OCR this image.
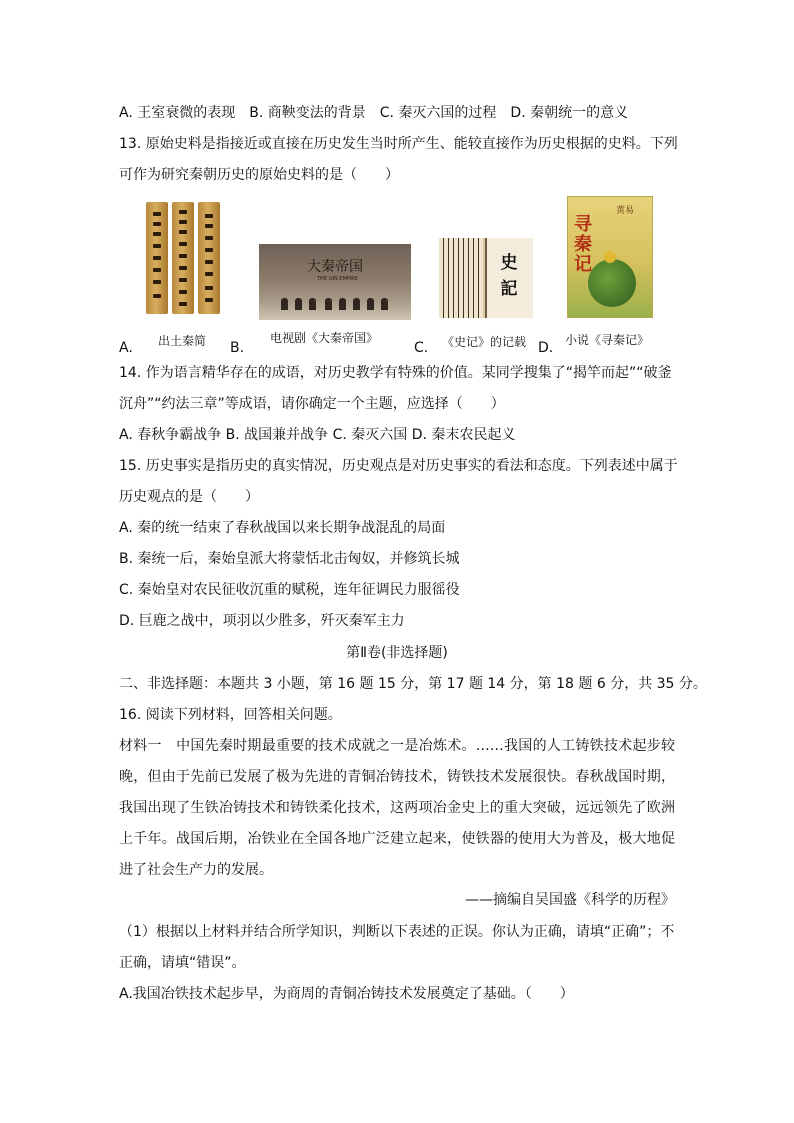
A. 王室衰微的表现　B. 商鞅变法的背景　C. 秦灭六国的过程　D. 秦朝统一的意义
13. 原始史料是指接近或直接在历史发生当时所产生、能较直接作为历史根据的史料。下列
可作为研究秦朝历史的原始史料的是（　　）
A. 出土秦简
大秦帝国
THE QIN EMPIRE
B.
电视剧《大秦帝国》
史記
C. 《史记》的记载
黄易
寻秦记
D. 小说《寻秦记》
14. 作为语言精华存在的成语，对历史教学有特殊的价值。某同学搜集了“揭竿而起”“破釜
沉舟”“约法三章”等成语，请你确定一个主题，应选择（　　）
A. 春秋争霸战争 B. 战国兼并战争 C. 秦灭六国 D. 秦末农民起义
15. 历史事实是指历史的真实情况，历史观点是对历史事实的看法和态度。下列表述中属于
历史观点的是（　　）
A. 秦的统一结束了春秋战国以来长期争战混乱的局面
B. 秦统一后，秦始皇派大将蒙恬北击匈奴，并修筑长城
C. 秦始皇对农民征收沉重的赋税，连年征调民力服徭役
D. 巨鹿之战中，项羽以少胜多，歼灭秦军主力
第Ⅱ卷(非选择题)
二、非选择题：本题共 3 小题，第 16 题 15 分，第 17 题 14 分，第 18 题 6 分，共 35 分。
16. 阅读下列材料，回答相关问题。
材料一　中国先秦时期最重要的技术成就之一是冶炼术。……我国的人工铸铁技术起步较晚，但由于先前已发展了极为先进的青铜冶铸技术，铸铁技术发展很快。春秋战国时期，我国出现了生铁冶铸技术和铸铁柔化技术，这两项冶金史上的重大突破，远远领先了欧洲上千年。战国后期，冶铁业在全国各地广泛建立起来，使铁器的使用大为普及，极大地促进了社会生产力的发展。
——摘编自吴国盛《科学的历程》
（1）根据以上材料并结合所学知识，判断以下表述的正误。你认为正确，请填“正确”；不
正确，请填“错误”。
A.我国冶铁技术起步早，为商周的青铜冶铸技术发展奠定了基础。（　　）
